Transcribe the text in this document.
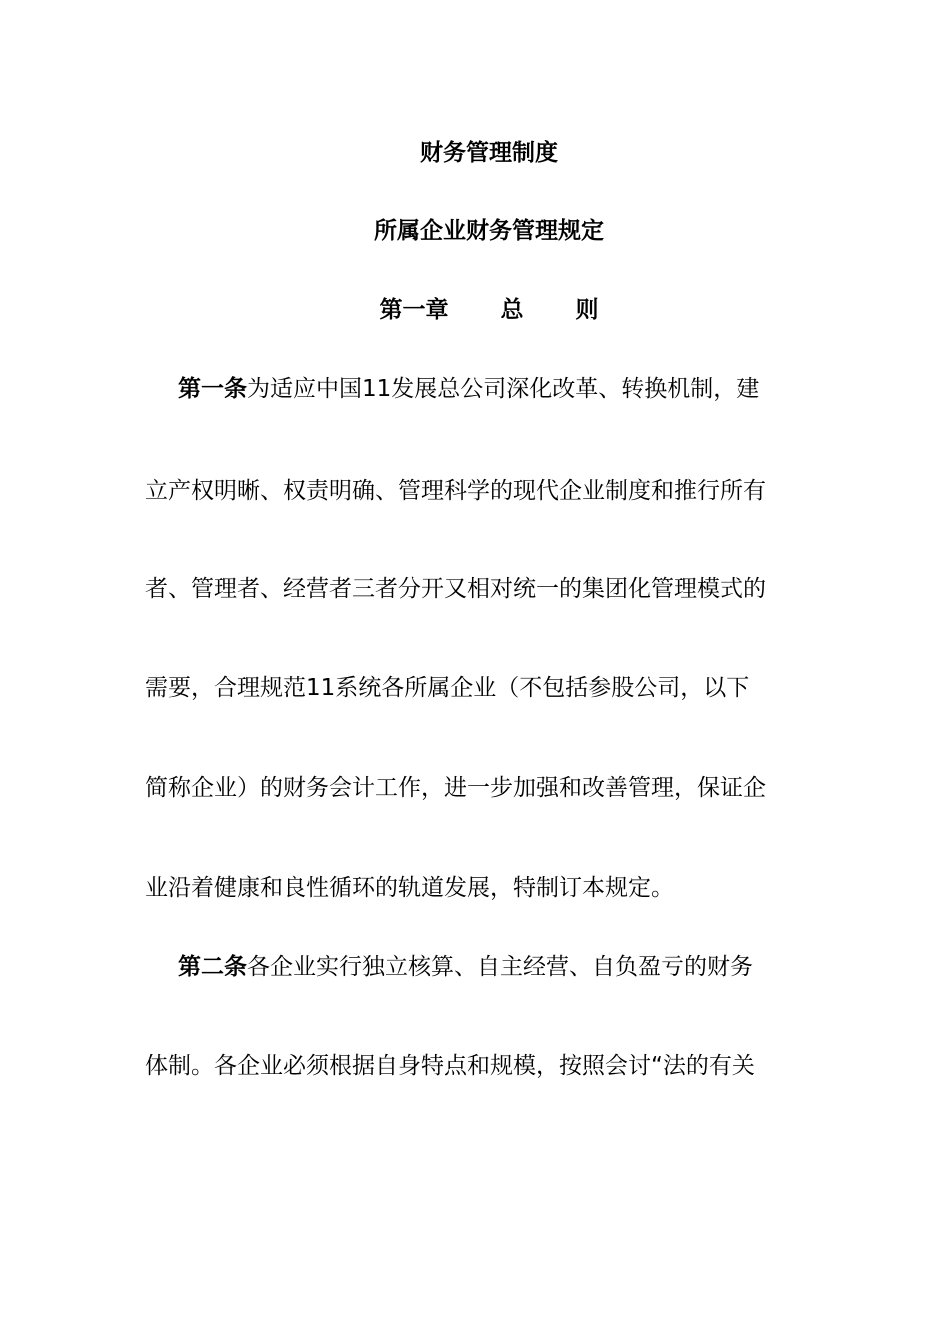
财务管理制度
所属企业财务管理规定
第一章 总 则
第一条为适应中国11发展总公司深化改革、转换机制，建
立产权明晰、权责明确、管理科学的现代企业制度和推行所有
者、管理者、经营者三者分开又相对统一的集团化管理模式的
需要，合理规范11系统各所属企业（不包括参股公司，以下
简称企业）的财务会计工作，进一步加强和改善管理，保证企
业沿着健康和良性循环的轨道发展，特制订本规定。
第二条各企业实行独立核算、自主经营、自负盈亏的财务
体制。各企业必须根据自身特点和规模，按照会讨“法的有关
